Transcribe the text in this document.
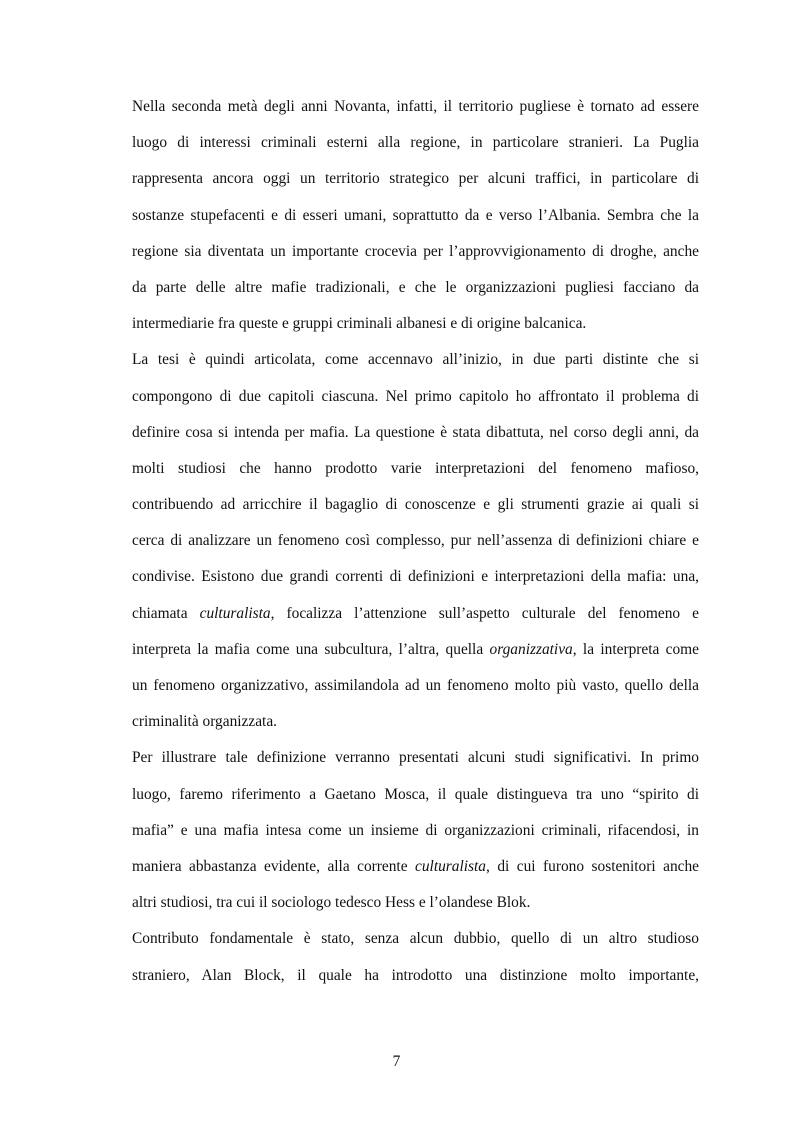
Nella seconda metà degli anni Novanta, infatti, il territorio pugliese è tornato ad essere
luogo di interessi criminali esterni alla regione, in particolare stranieri. La Puglia
rappresenta ancora oggi un territorio strategico per alcuni traffici, in particolare di
sostanze stupefacenti e di esseri umani, soprattutto da e verso l’Albania. Sembra che la
regione sia diventata un importante crocevia per l’approvvigionamento di droghe, anche
da parte delle altre mafie tradizionali, e che le organizzazioni pugliesi facciano da
intermediarie fra queste e gruppi criminali albanesi e di origine balcanica.
La tesi è quindi articolata, come accennavo all’inizio, in due parti distinte che si
compongono di due capitoli ciascuna. Nel primo capitolo ho affrontato il problema di
definire cosa si intenda per mafia. La questione è stata dibattuta, nel corso degli anni, da
molti studiosi che hanno prodotto varie interpretazioni del fenomeno mafioso,
contribuendo ad arricchire il bagaglio di conoscenze e gli strumenti grazie ai quali si
cerca di analizzare un fenomeno così complesso, pur nell’assenza di definizioni chiare e
condivise. Esistono due grandi correnti di definizioni e interpretazioni della mafia: una,
chiamata culturalista, focalizza l’attenzione sull’aspetto culturale del fenomeno e
interpreta la mafia come una subcultura, l’altra, quella organizzativa, la interpreta come
un fenomeno organizzativo, assimilandola ad un fenomeno molto più vasto, quello della
criminalità organizzata.
Per illustrare tale definizione verranno presentati alcuni studi significativi. In primo
luogo, faremo riferimento a Gaetano Mosca, il quale distingueva tra uno “spirito di
mafia” e una mafia intesa come un insieme di organizzazioni criminali, rifacendosi, in
maniera abbastanza evidente, alla corrente culturalista, di cui furono sostenitori anche
altri studiosi, tra cui il sociologo tedesco Hess e l’olandese Blok.
Contributo fondamentale è stato, senza alcun dubbio, quello di un altro studioso
straniero, Alan Block, il quale ha introdotto una distinzione molto importante,
7
